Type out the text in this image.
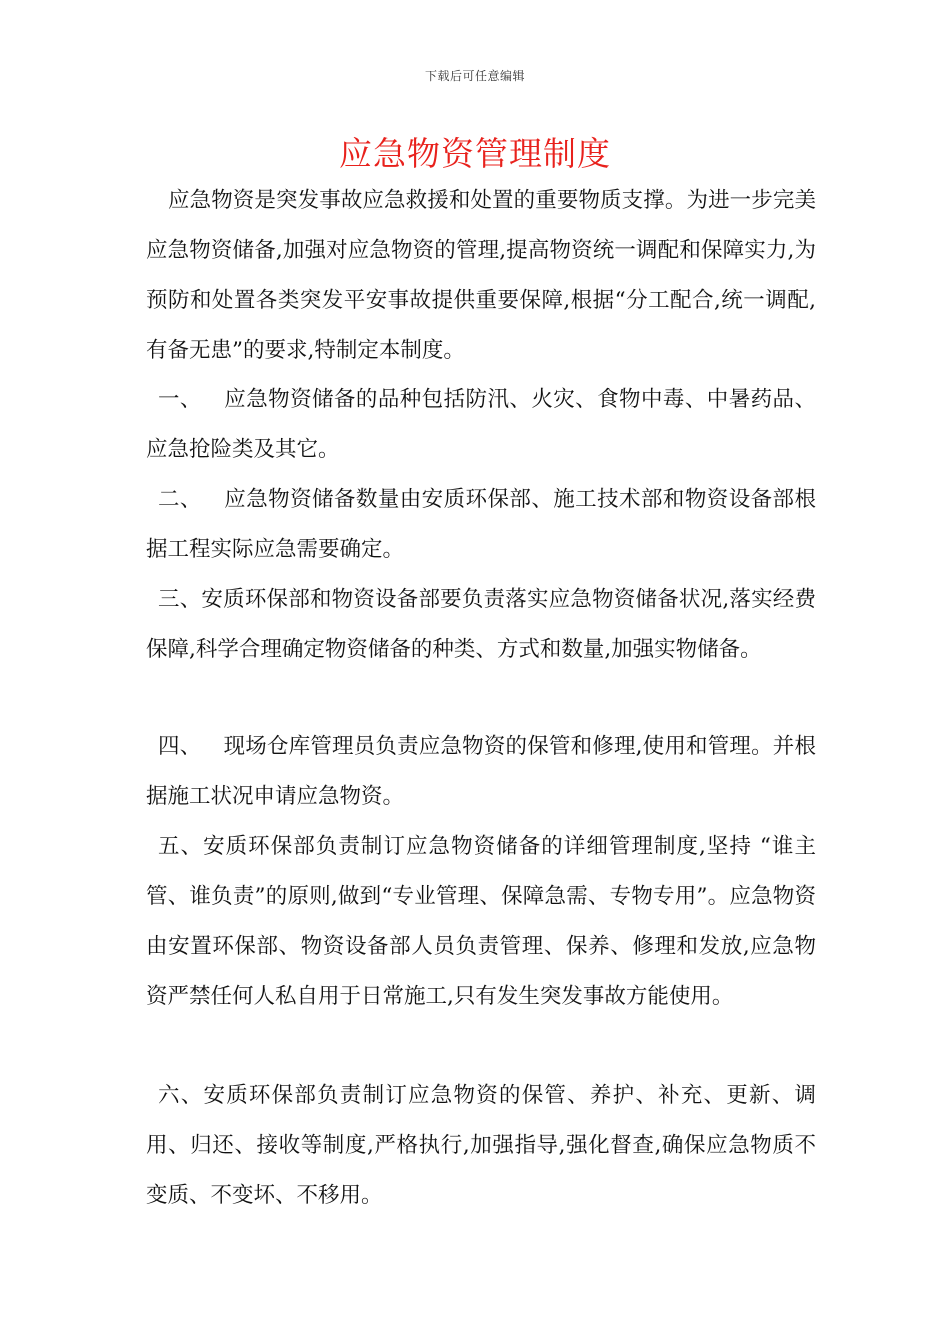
下载后可任意编辑
应急物资管理制度
应急物资是突发事故应急救援和处置的重要物质支撑。为进一步完美应急物资储备,加强对应急物资的管理,提高物资统一调配和保障实力,为预防和处置各类突发平安事故提供重要保障,根据“分工配合,统一调配,有备无患”的要求,特制定本制度。
一、 应急物资储备的品种包括防汛、火灾、食物中毒、中暑药品、应急抢险类及其它。
二、 应急物资储备数量由安质环保部、施工技术部和物资设备部根据工程实际应急需要确定。
三、安质环保部和物资设备部要负责落实应急物资储备状况,落实经费保障,科学合理确定物资储备的种类、方式和数量,加强实物储备。
四、 现场仓库管理员负责应急物资的保管和修理,使用和管理。并根据施工状况申请应急物资。
五、安质环保部负责制订应急物资储备的详细管理制度,坚持 “谁主管、谁负责”的原则,做到“专业管理、保障急需、专物专用”。应急物资由安置环保部、物资设备部人员负责管理、保养、修理和发放,应急物资严禁任何人私自用于日常施工,只有发生突发事故方能使用。
六、安质环保部负责制订应急物资的保管、养护、补充、更新、调用、归还、接收等制度,严格执行,加强指导,强化督查,确保应急物质不变质、不变坏、不移用。
